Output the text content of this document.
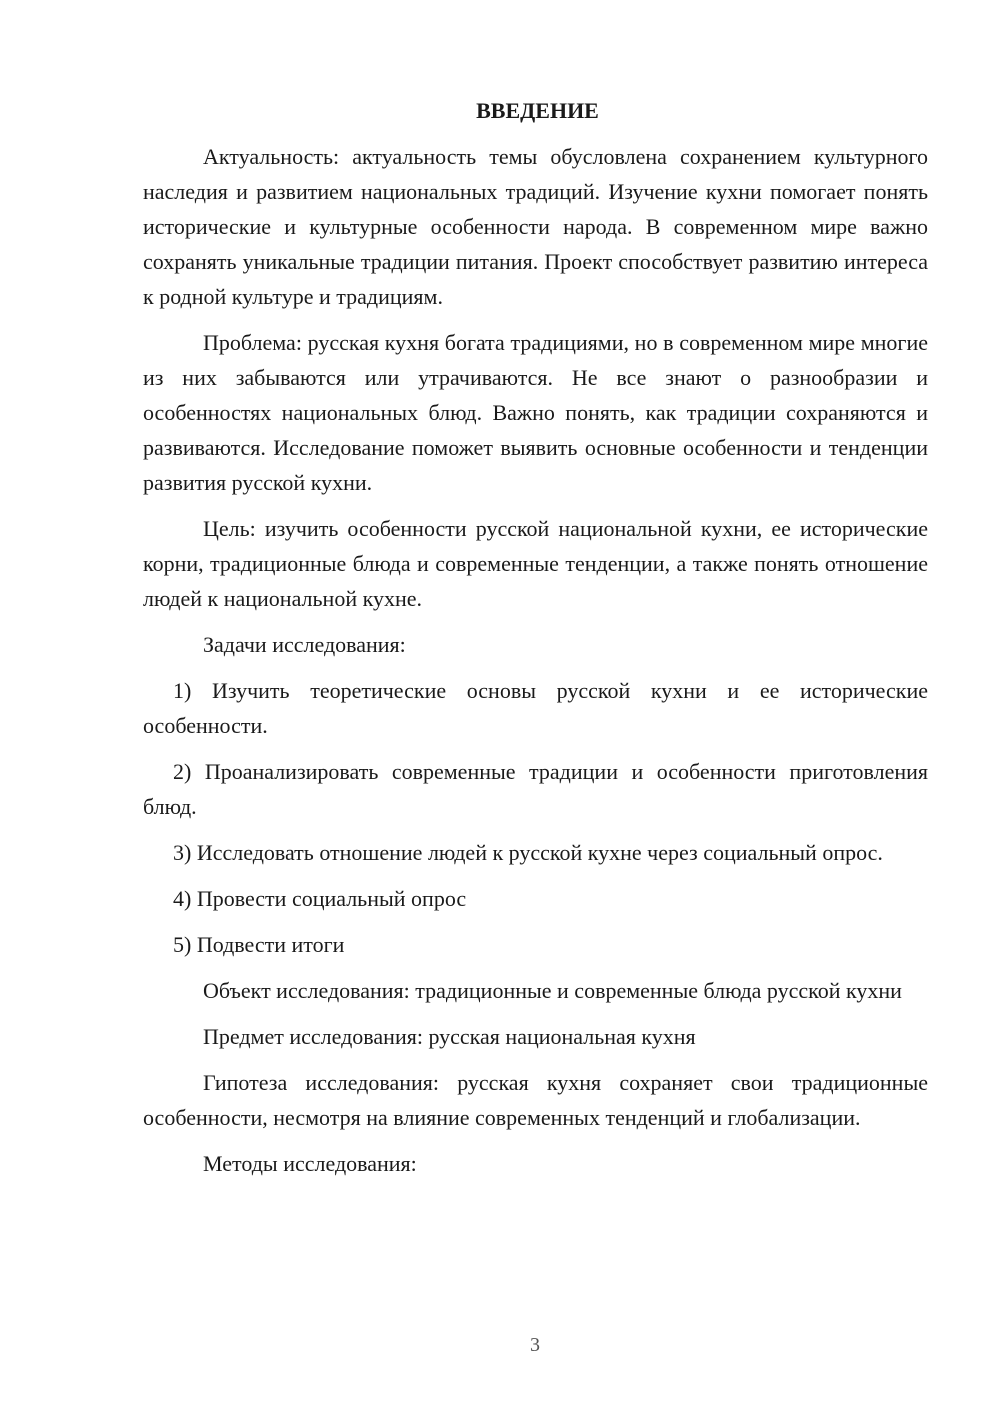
ВВЕДЕНИЕ

Актуальность: актуальность темы обусловлена сохранением культурного наследия и развитием национальных традиций. Изучение кухни помогает понять исторические и культурные особенности народа. В современном мире важно сохранять уникальные традиции питания. Проект способствует развитию интереса к родной культуре и традициям.

Проблема: русская кухня богата традициями, но в современном мире многие из них забываются или утрачиваются. Не все знают о разнообразии и особенностях национальных блюд. Важно понять, как традиции сохраняются и развиваются. Исследование поможет выявить основные особенности и тенденции развития русской кухни.

Цель: изучить особенности русской национальной кухни, ее исторические корни, традиционные блюда и современные тенденции, а также понять отношение людей к национальной кухне.

Задачи исследования:

1) Изучить теоретические основы русской кухни и ее исторические особенности.

2) Проанализировать современные традиции и особенности приготовления блюд.

3) Исследовать отношение людей к русской кухне через социальный опрос.

4) Провести социальный опрос

5) Подвести итоги

Объект исследования: традиционные и современные блюда русской кухни

Предмет исследования: русская национальная кухня

Гипотеза исследования: русская кухня сохраняет свои традиционные особенности, несмотря на влияние современных тенденций и глобализации.

Методы исследования:

3
